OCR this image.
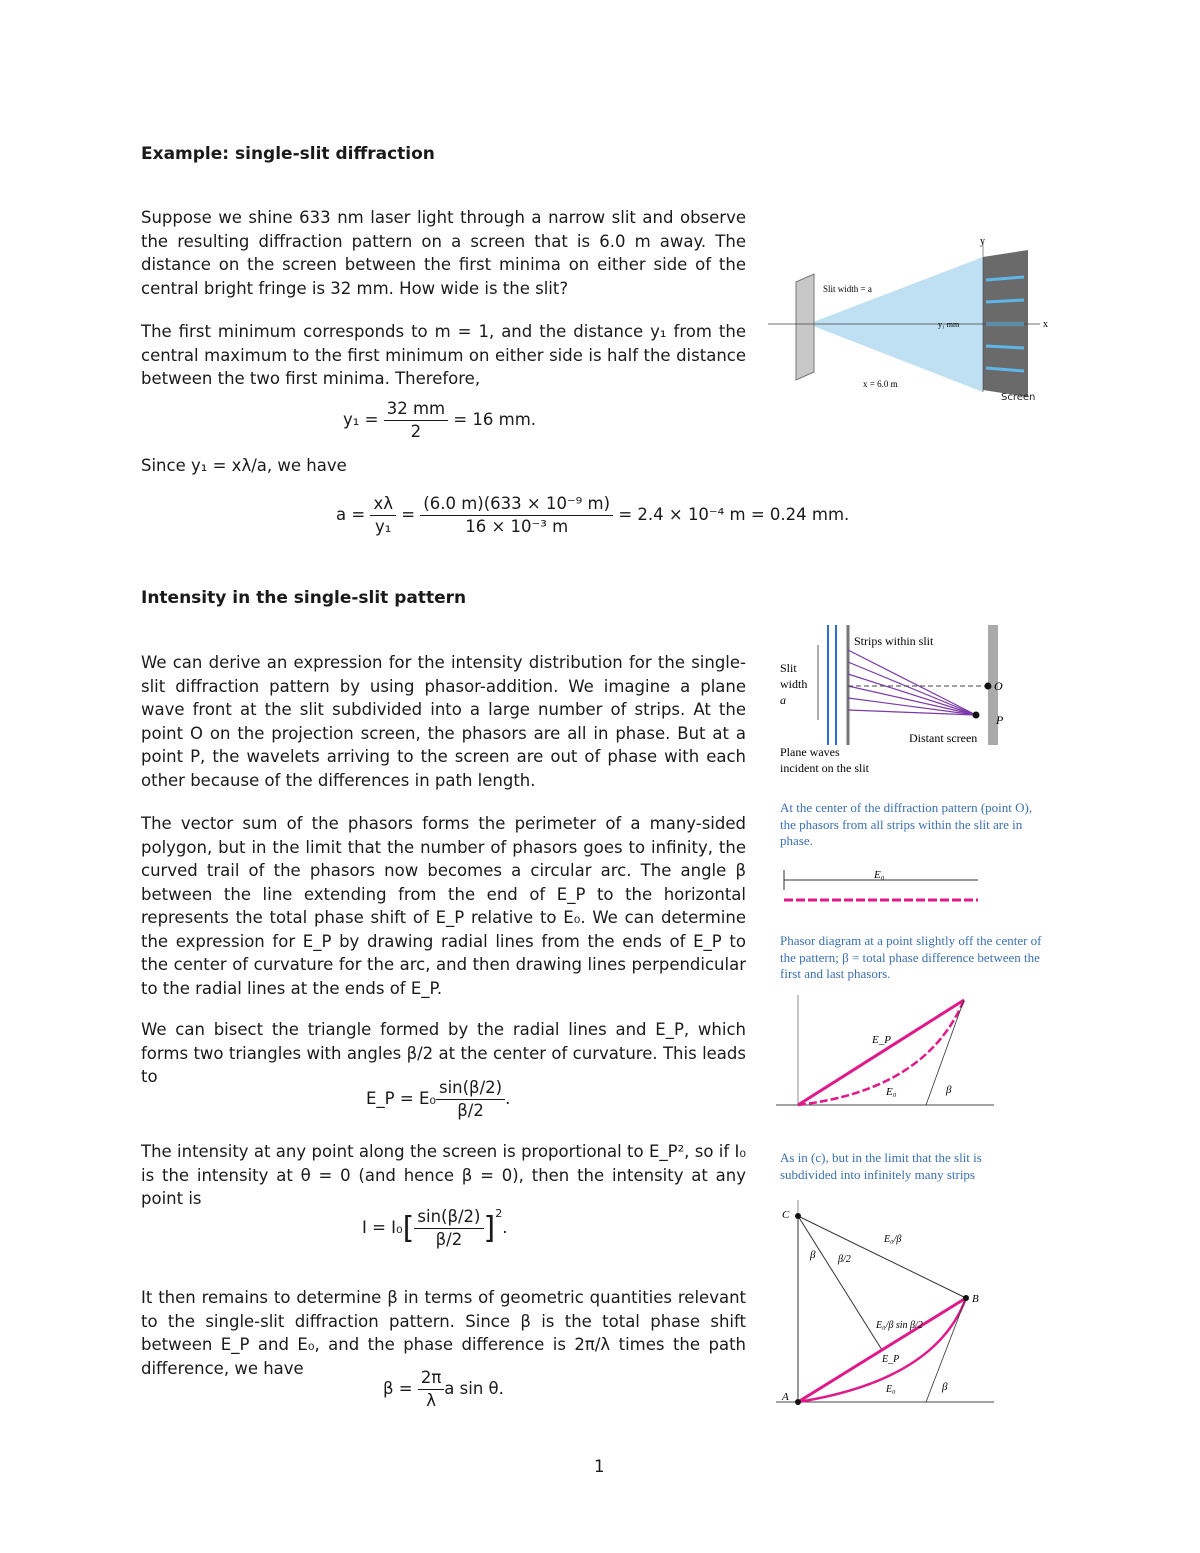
Example: single-slit diffraction
Suppose we shine 633 nm laser light through a narrow slit and observe the resulting diffraction pattern on a screen that is 6.0 m away. The distance on the screen between the first minima on either side of the central bright fringe is 32 mm. How wide is the slit?
The first minimum corresponds to m = 1, and the distance y₁ from the central maximum to the first minimum on either side is half the distance between the two first minima. Therefore,
$y_1 = \frac{32 mm}{2} = 16$ mm.
Since y₁ = xλ/a, we have
$a = \frac{x\lambda}{\text{y₁}} = \frac{\text{(6.0 m)(633 × 10⁻⁹ m)}}{\text{16 × 10⁻³ m}} = 2.4 \times 10^{-4}$ m = 0.24 mm.
Intensity in the single-slit pattern
We can derive an expression for the intensity distribution for the single-slit diffraction pattern by using phasor-addition. We imagine a plane wave front at the slit subdivided into a large number of strips. At the point O on the projection screen, the phasors are all in phase. But at a point P, the wavelets arriving to the screen are out of phase with each other because of the differences in path length.
The vector sum of the phasors forms the perimeter of a many-sided polygon, but in the limit that the number of phasors goes to infinity, the curved trail of the phasors now becomes a circular arc. The angle β between the line extending from the end of E_P to the horizontal represents the total phase shift of E_P relative to E₀. We can determine the expression for E_P by drawing radial lines from the ends of E_P to the center of curvature for the arc, and then drawing lines perpendicular to the radial lines at the ends of E_P.
We can bisect the triangle formed by the radial lines and E_P, which forms two triangles with angles β/2 at the center of curvature. This leads to
E_P = $E_0 \frac{\sin(\beta/2)}{\beta/2}$ .
The intensity at any point along the screen is proportional to E_P², so if I₀ is the intensity at θ = 0 (and hence β = 0), then the intensity at any point is
$I = I_0[ \frac{\sin(\beta/2)}{\beta/2} ]^2$.
It then remains to determine β in terms of geometric quantities relevant to the single-slit diffraction pattern. Since β is the total phase shift between E_P and E₀, and the phase difference is 2π/λ times the path difference, we have
$\beta = \frac{2\pi}{\lambda}$ a sin θ.
1
y
Slit width = a
x = 6.0 m
y₁ mm	x
Screen
Strips within slit
Slit width a
Plane waves incident on the slit
Distant screen
O
P
At the center of the diffraction pattern (point O), the phasors from all strips within the slit are in phase.
E₀
Phasor diagram at a point slightly off the center of the pattern; β = total phase difference between the first and last phasors.
E_P
E₀	β
As in (c), but in the limit that the slit is subdivided into infinitely many strips
C
A
B
β β/2
E₀/β
E₀/β sin β/2
E_P
E₀	β
